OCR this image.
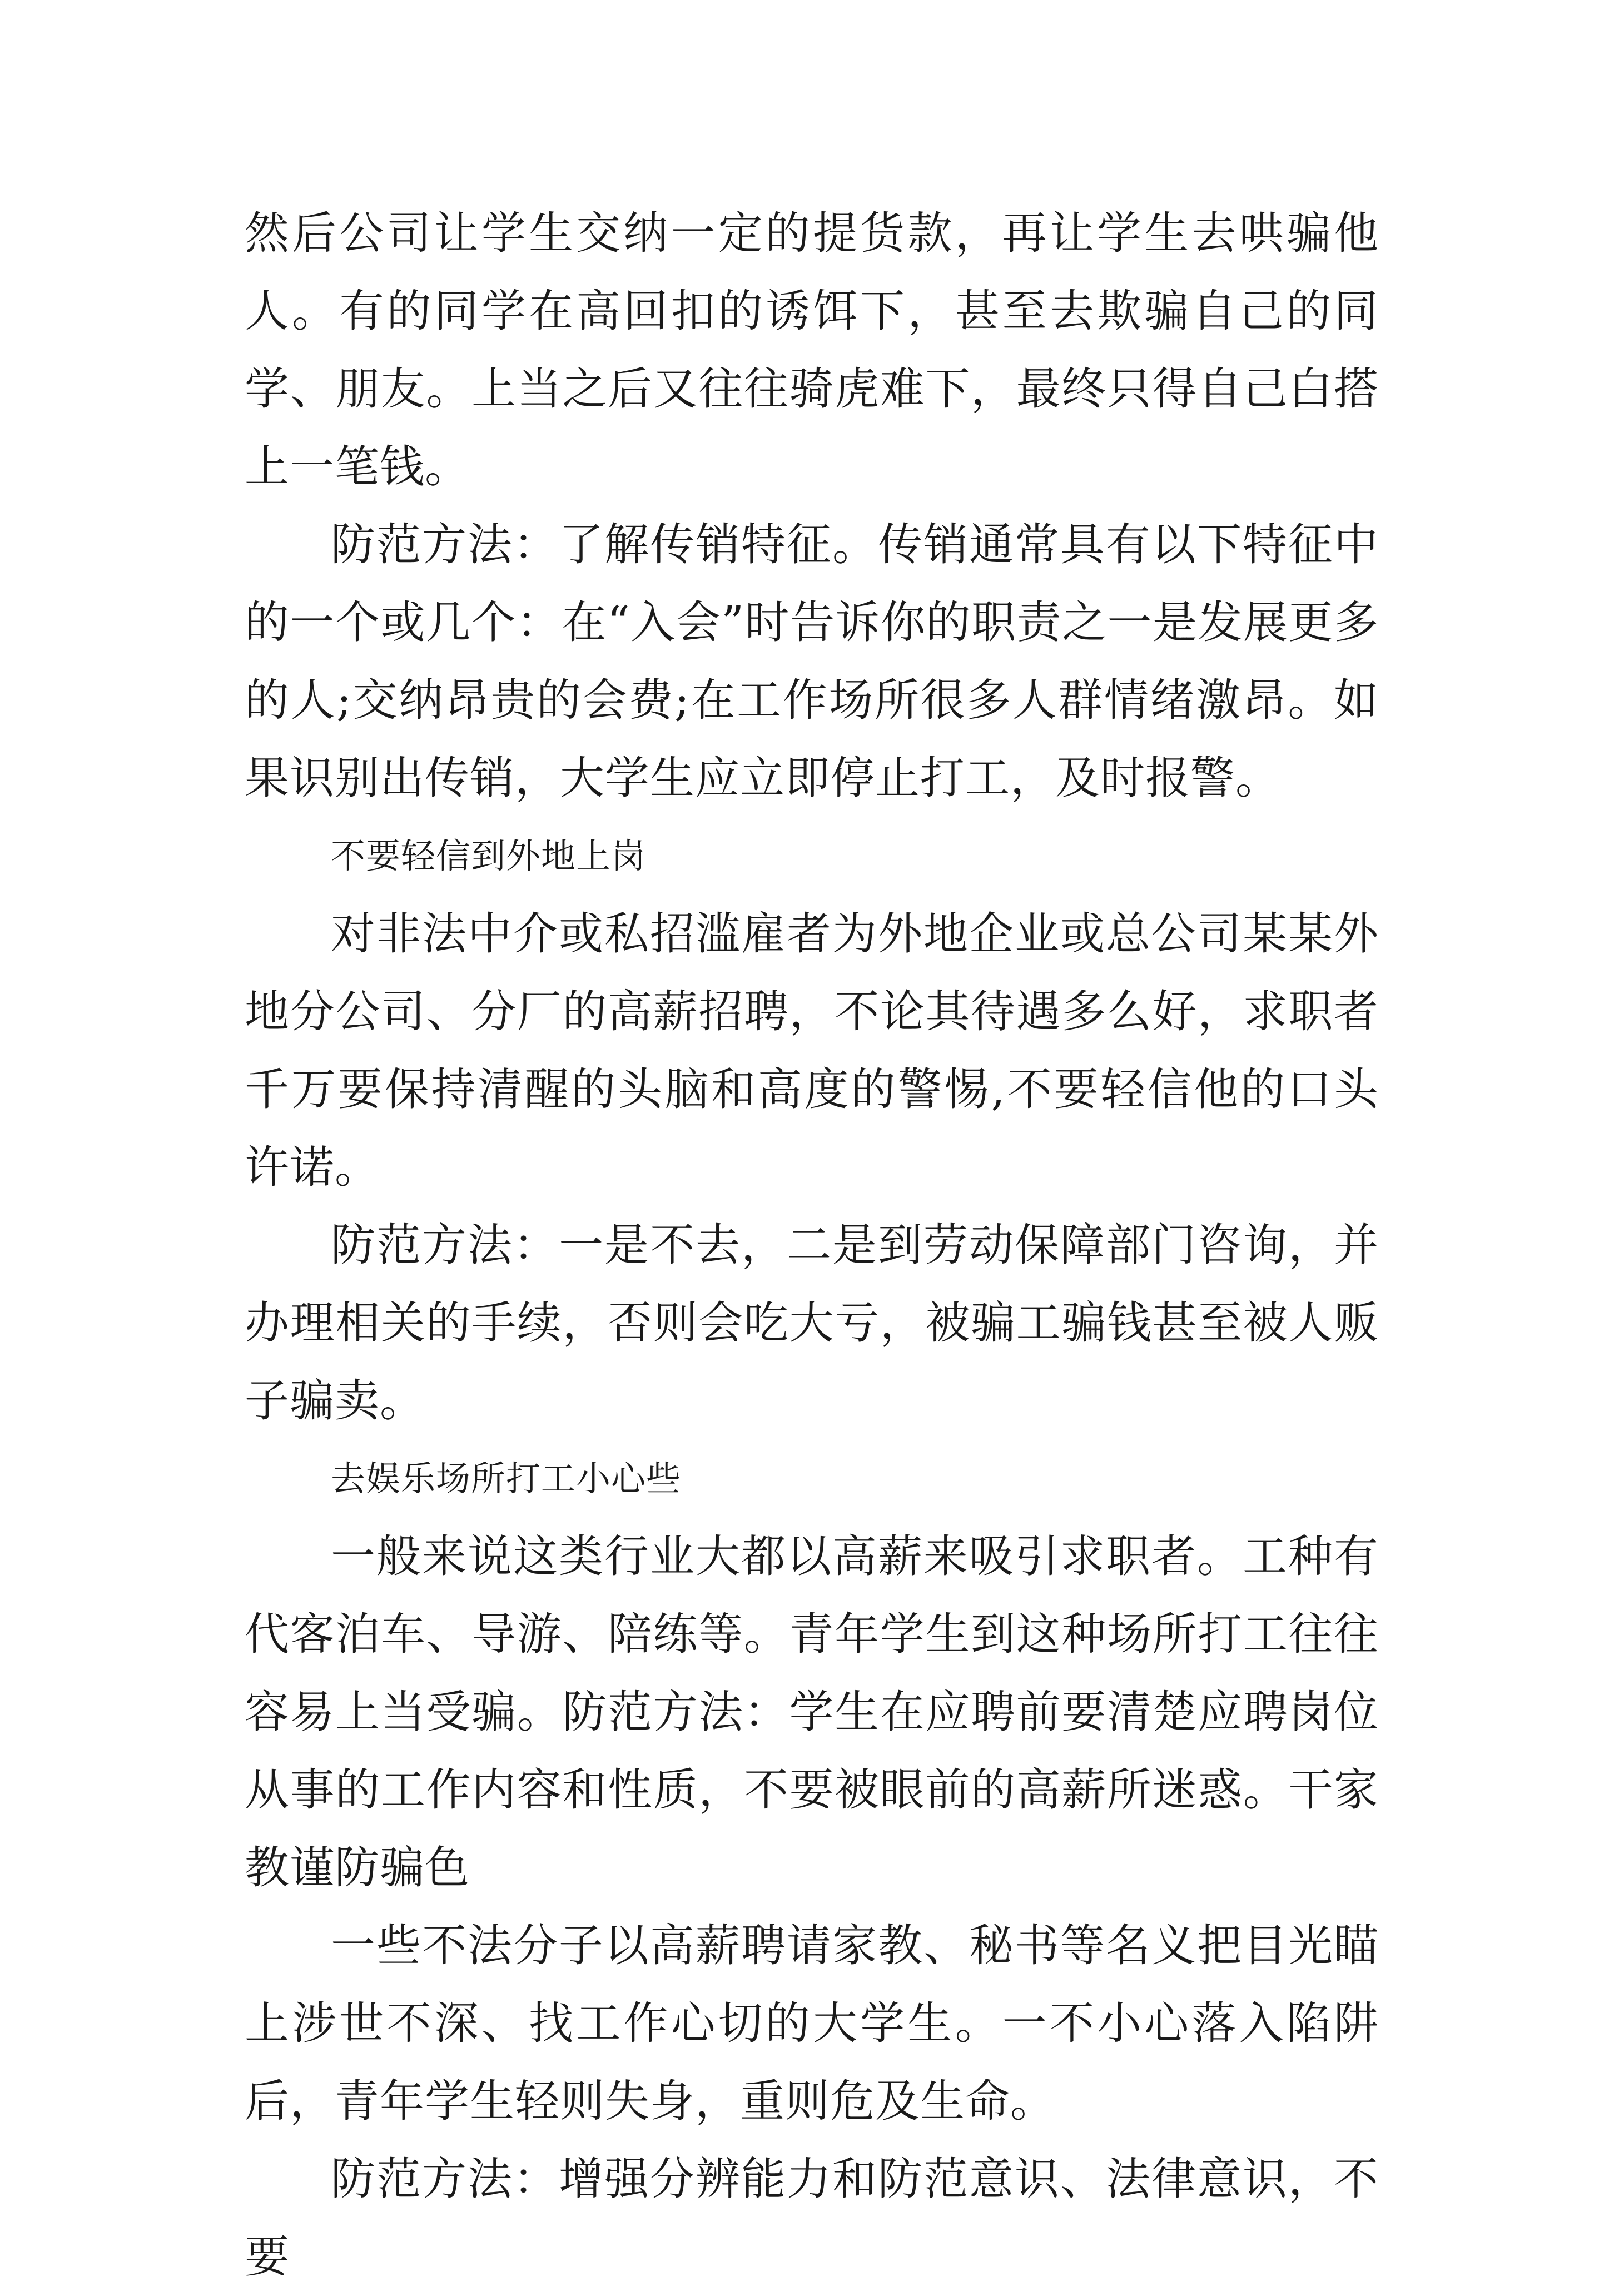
然后公司让学生交纳一定的提货款，再让学生去哄骗他人。有的同学在高回扣的诱饵下，甚至去欺骗自己的同学、朋友。上当之后又往往骑虎难下，最终只得自己白搭上一笔钱。

防范方法：了解传销特征。传销通常具有以下特征中的一个或几个：在“入会”时告诉你的职责之一是发展更多的人;交纳昂贵的会费;在工作场所很多人群情绪激昂。如果识别出传销，大学生应立即停止打工，及时报警。

不要轻信到外地上岗

对非法中介或私招滥雇者为外地企业或总公司某某外地分公司、分厂的高薪招聘，不论其待遇多么好，求职者千万要保持清醒的头脑和高度的警惕,不要轻信他的口头许诺。

防范方法：一是不去，二是到劳动保障部门咨询，并办理相关的手续，否则会吃大亏，被骗工骗钱甚至被人贩子骗卖。

去娱乐场所打工小心些

一般来说这类行业大都以高薪来吸引求职者。工种有代客泊车、导游、陪练等。青年学生到这种场所打工往往容易上当受骗。防范方法：学生在应聘前要清楚应聘岗位从事的工作内容和性质，不要被眼前的高薪所迷惑。干家教谨防骗色

一些不法分子以高薪聘请家教、秘书等名义把目光瞄上涉世不深、找工作心切的大学生。一不小心落入陷阱后，青年学生轻则失身，重则危及生命。

防范方法：增强分辨能力和防范意识、法律意识，不要
